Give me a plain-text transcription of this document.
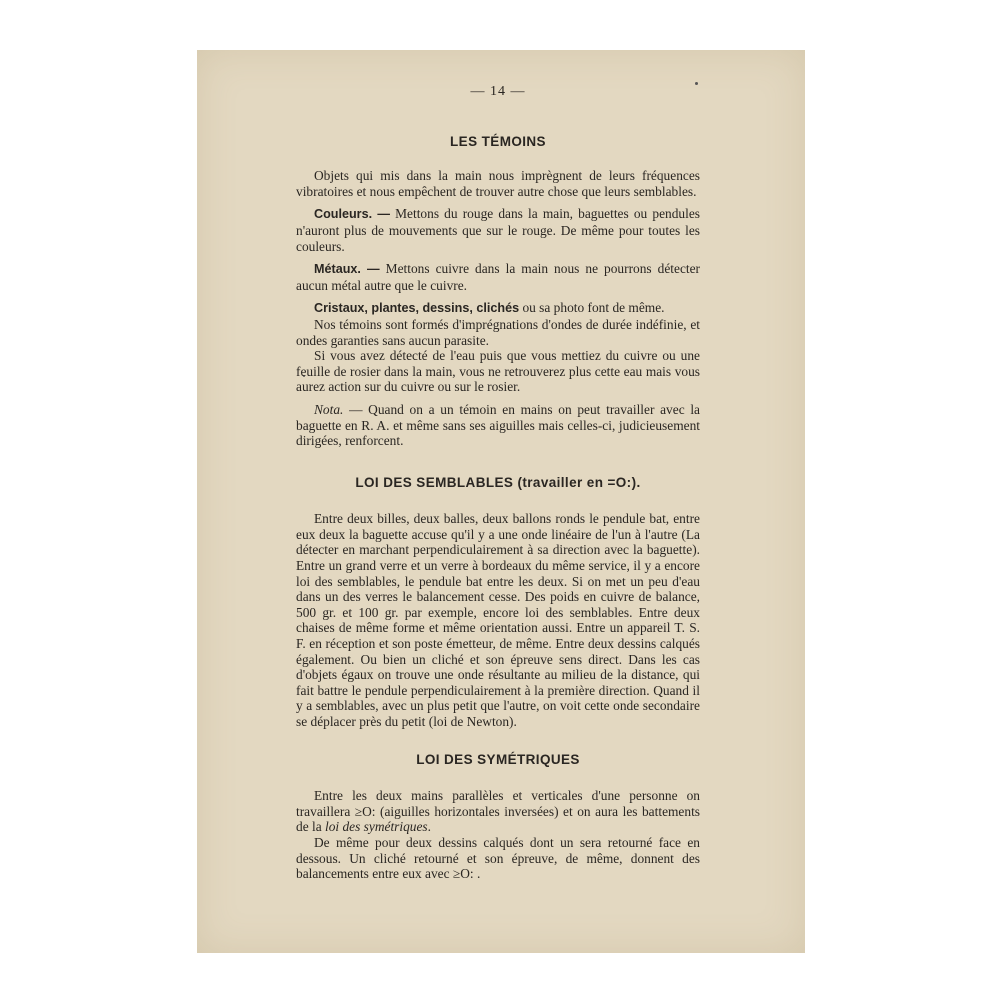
— 14 —
LES TÉMOINS

Objets qui mis dans la main nous imprègnent de leurs fréquences vibratoires et nous empêchent de trouver autre chose que leurs semblables.

Couleurs. — Mettons du rouge dans la main, baguettes ou pendules n'auront plus de mouvements que sur le rouge. De même pour toutes les couleurs.

Métaux. — Mettons cuivre dans la main nous ne pourrons détecter aucun métal autre que le cuivre.

Cristaux, plantes, dessins, clichés ou sa photo font de même.

Nos témoins sont formés d'imprégnations d'ondes de durée indéfinie, et ondes garanties sans aucun parasite.

Si vous avez détecté de l'eau puis que vous mettiez du cuivre ou une feuille de rosier dans la main, vous ne retrouverez plus cette eau mais vous aurez action sur du cuivre ou sur le rosier.

Nota. — Quand on a un témoin en mains on peut travailler avec la baguette en R. A. et même sans ses aiguilles mais celles-ci, judicieusement dirigées, renforcent.

LOI DES SEMBLABLES (travailler en =O:).

Entre deux billes, deux balles, deux ballons ronds le pendule bat, entre eux deux la baguette accuse qu'il y a une onde linéaire de l'un à l'autre (La détecter en marchant perpendiculairement à sa direction avec la baguette). Entre un grand verre et un verre à bordeaux du même service, il y a encore loi des semblables, le pendule bat entre les deux. Si on met un peu d'eau dans un des verres le balancement cesse. Des poids en cuivre de balance, 500 gr. et 100 gr. par exemple, encore loi des semblables. Entre deux chaises de même forme et même orientation aussi. Entre un appareil T. S. F. en réception et son poste émetteur, de même. Entre deux dessins calqués également. Ou bien un cliché et son épreuve sens direct. Dans les cas d'objets égaux on trouve une onde résultante au milieu de la distance, qui fait battre le pendule perpendiculairement à la première direction. Quand il y a semblables, avec un plus petit que l'autre, on voit cette onde secondaire se déplacer près du petit (loi de Newton).

LOI DES SYMÉTRIQUES

Entre les deux mains parallèles et verticales d'une personne on travaillera ≥O: (aiguilles horizontales inversées) et on aura les battements de la loi des symétriques.

De même pour deux dessins calqués dont un sera retourné face en dessous. Un cliché retourné et son épreuve, de même, donnent des balancements entre eux avec ≥O: .
